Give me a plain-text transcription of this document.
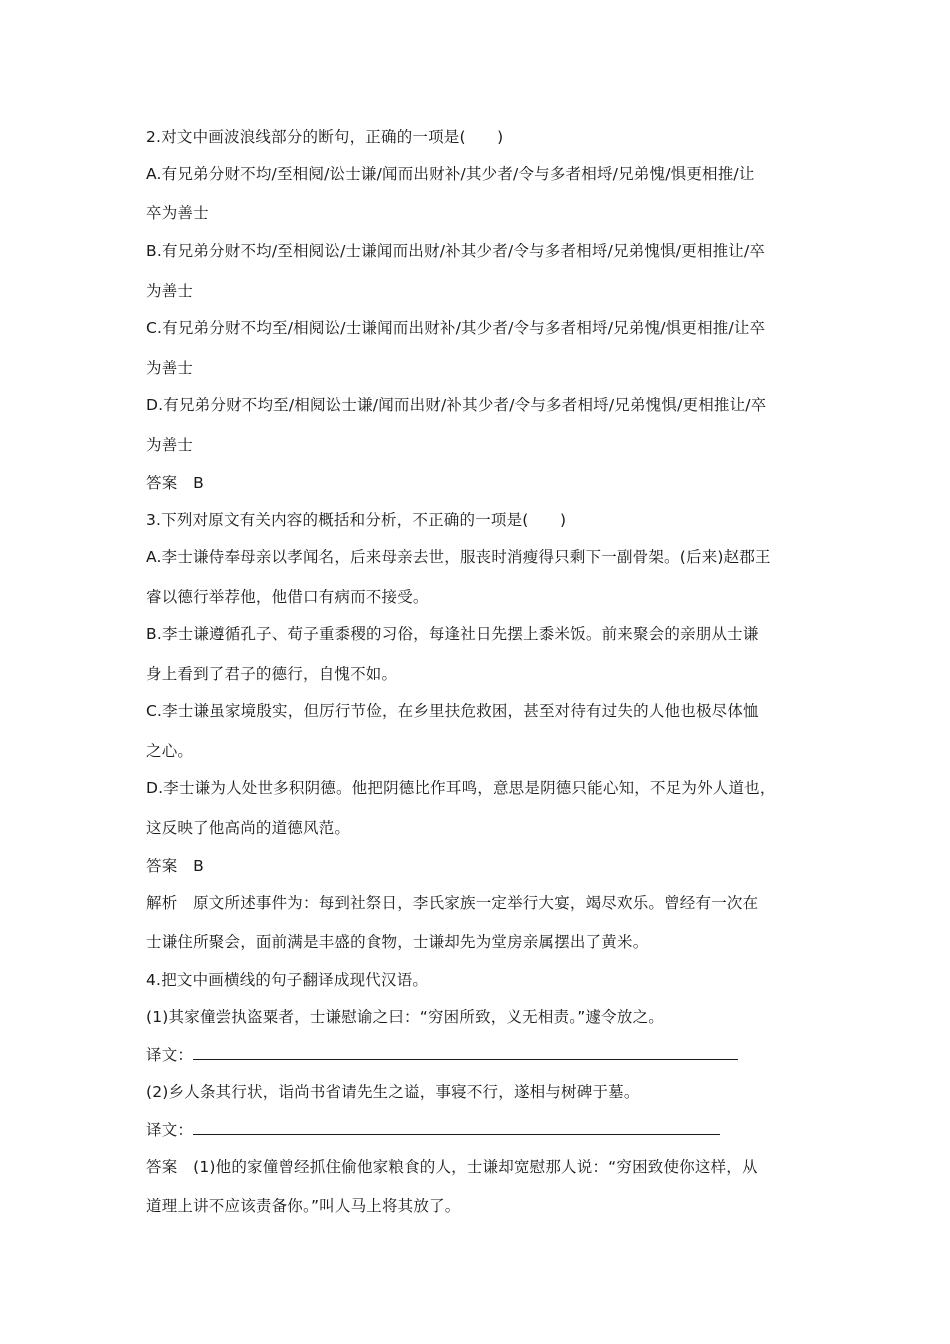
2.对文中画波浪线部分的断句，正确的一项是(　　)
A.有兄弟分财不均/至相阋/讼士谦/闻而出财补/其少者/令与多者相埒/兄弟愧/惧更相推/让
卒为善士
B.有兄弟分财不均/至相阋讼/士谦闻而出财/补其少者/令与多者相埒/兄弟愧惧/更相推让/卒
为善士
C.有兄弟分财不均至/相阋讼/士谦闻而出财补/其少者/令与多者相埒/兄弟愧/惧更相推/让卒
为善士
D.有兄弟分财不均至/相阋讼士谦/闻而出财/补其少者/令与多者相埒/兄弟愧惧/更相推让/卒
为善士
答案　B
3.下列对原文有关内容的概括和分析，不正确的一项是(　　)
A.李士谦侍奉母亲以孝闻名，后来母亲去世，服丧时消瘦得只剩下一副骨架。(后来)赵郡王
睿以德行举荐他，他借口有病而不接受。
B.李士谦遵循孔子、荀子重黍稷的习俗，每逢社日先摆上黍米饭。前来聚会的亲朋从士谦
身上看到了君子的德行，自愧不如。
C.李士谦虽家境殷实，但厉行节俭，在乡里扶危救困，甚至对待有过失的人他也极尽体恤
之心。
D.李士谦为人处世多积阴德。他把阴德比作耳鸣，意思是阴德只能心知，不足为外人道也，
这反映了他高尚的道德风范。
答案　B
解析　原文所述事件为：每到社祭日，李氏家族一定举行大宴，竭尽欢乐。曾经有一次在
士谦住所聚会，面前满是丰盛的食物，士谦却先为堂房亲属摆出了黄米。
4.把文中画横线的句子翻译成现代汉语。
(1)其家僮尝执盗粟者，士谦慰谕之曰：“穷困所致，义无相责。”遽令放之。
译文：
(2)乡人条其行状，诣尚书省请先生之谥，事寝不行，遂相与树碑于墓。
译文：
答案　(1)他的家僮曾经抓住偷他家粮食的人，士谦却宽慰那人说：“穷困致使你这样，从
道理上讲不应该责备你。”叫人马上将其放了。
